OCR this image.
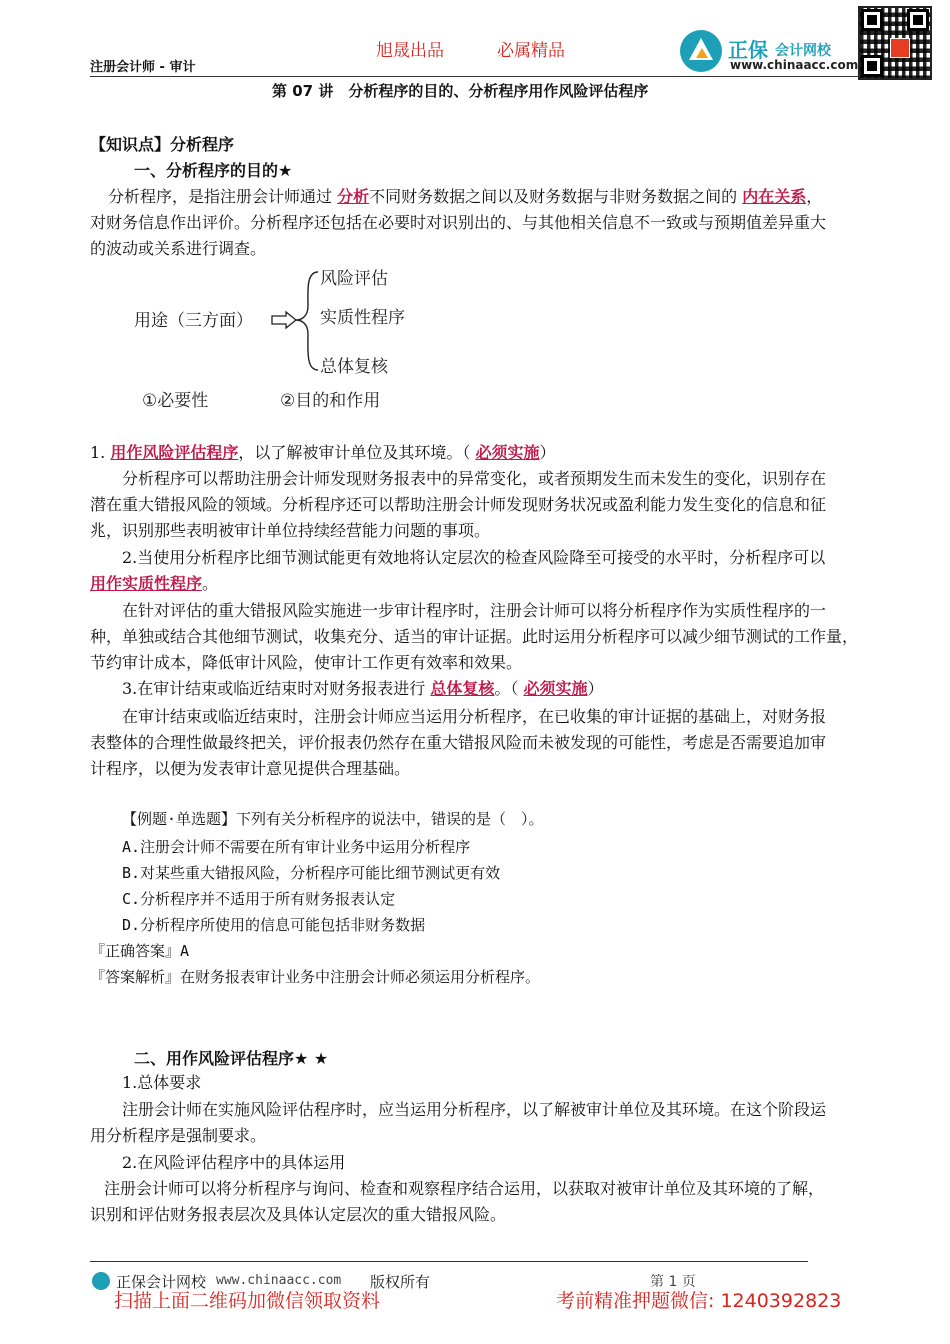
旭晟出品	必属精品
注册会计师 - 审计
正保 会计网校
www.chinaacc.com
第 07 讲　分析程序的目的、分析程序用作风险评估程序
【知识点】分析程序
一、分析程序的目的★
分析程序，是指注册会计师通过 分析不同财务数据之间以及财务数据与非财务数据之间的 内在关系，
对财务信息作出评价。分析程序还包括在必要时对识别出的、与其他相关信息不一致或与预期值差异重大
的波动或关系进行调查。
用途（三方面）
风险评估
实质性程序
总体复核
①必要性	②目的和作用
1. 用作风险评估程序，以了解被审计单位及其环境。（ 必须实施）
分析程序可以帮助注册会计师发现财务报表中的异常变化，或者预期发生而未发生的变化，识别存在
潜在重大错报风险的领域。分析程序还可以帮助注册会计师发现财务状况或盈利能力发生变化的信息和征
兆，识别那些表明被审计单位持续经营能力问题的事项。
2.当使用分析程序比细节测试能更有效地将认定层次的检查风险降至可接受的水平时，分析程序可以
用作实质性程序。
在针对评估的重大错报风险实施进一步审计程序时，注册会计师可以将分析程序作为实质性程序的一
种，单独或结合其他细节测试，收集充分、适当的审计证据。此时运用分析程序可以减少细节测试的工作量，
节约审计成本，降低审计风险，使审计工作更有效率和效果。
3.在审计结束或临近结束时对财务报表进行 总体复核。（ 必须实施）
在审计结束或临近结束时，注册会计师应当运用分析程序，在已收集的审计证据的基础上，对财务报
表整体的合理性做最终把关，评价报表仍然存在重大错报风险而未被发现的可能性，考虑是否需要追加审
计程序，以便为发表审计意见提供合理基础。
【例题·单选题】下列有关分析程序的说法中，错误的是（　）。
A.注册会计师不需要在所有审计业务中运用分析程序
B.对某些重大错报风险，分析程序可能比细节测试更有效
C.分析程序并不适用于所有财务报表认定
D.分析程序所使用的信息可能包括非财务数据
『正确答案』A
『答案解析』在财务报表审计业务中注册会计师必须运用分析程序。
二、用作风险评估程序★ ★
1.总体要求
注册会计师在实施风险评估程序时，应当运用分析程序，以了解被审计单位及其环境。在这个阶段运
用分析程序是强制要求。
2.在风险评估程序中的具体运用
注册会计师可以将分析程序与询问、检查和观察程序结合运用，以获取对被审计单位及其环境的了解，
识别和评估财务报表层次及具体认定层次的重大错报风险。
正保会计网校 www.chinaacc.com 版权所有	第 1 页
扫描上面二维码加微信领取资料	考前精准押题微信: 1240392823
